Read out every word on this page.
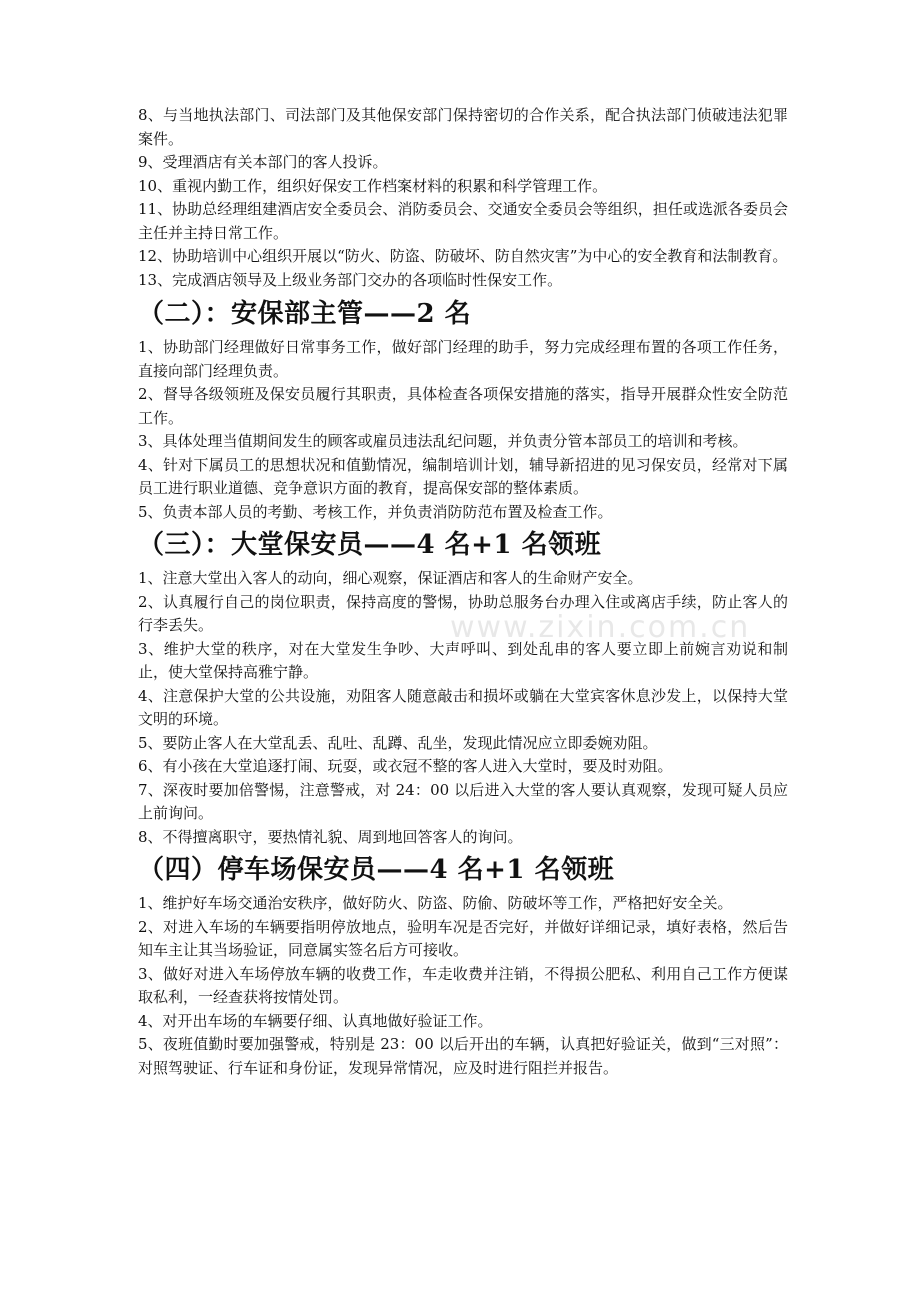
8、与当地执法部门、司法部门及其他保安部门保持密切的合作关系，配合执法部门侦破违法犯罪案件。

9、受理酒店有关本部门的客人投诉。

10、重视内勤工作，组织好保安工作档案材料的积累和科学管理工作。

11、协助总经理组建酒店安全委员会、消防委员会、交通安全委员会等组织，担任或选派各委员会主任并主持日常工作。

12、协助培训中心组织开展以“防火、防盗、防破坏、防自然灾害”为中心的安全教育和法制教育。

13、完成酒店领导及上级业务部门交办的各项临时性保安工作。

（二）：安保部主管——2 名

1、协助部门经理做好日常事务工作，做好部门经理的助手，努力完成经理布置的各项工作任务，直接向部门经理负责。

2、督导各级领班及保安员履行其职责，具体检查各项保安措施的落实，指导开展群众性安全防范工作。

3、具体处理当值期间发生的顾客或雇员违法乱纪问题，并负责分管本部员工的培训和考核。

4、针对下属员工的思想状况和值勤情况，编制培训计划，辅导新招进的见习保安员，经常对下属员工进行职业道德、竞争意识方面的教育，提高保安部的整体素质。

5、负责本部人员的考勤、考核工作，并负责消防防范布置及检查工作。

（三）：大堂保安员——4 名+1 名领班

1、注意大堂出入客人的动向，细心观察，保证酒店和客人的生命财产安全。

2、认真履行自己的岗位职责，保持高度的警惕，协助总服务台办理入住或离店手续，防止客人的行李丢失。

3、维护大堂的秩序，对在大堂发生争吵、大声呼叫、到处乱串的客人要立即上前婉言劝说和制止，使大堂保持高雅宁静。

4、注意保护大堂的公共设施，劝阻客人随意敲击和损坏或躺在大堂宾客休息沙发上，以保持大堂文明的环境。

5、要防止客人在大堂乱丢、乱吐、乱蹲、乱坐，发现此情况应立即委婉劝阻。

6、有小孩在大堂追逐打闹、玩耍，或衣冠不整的客人进入大堂时，要及时劝阻。

7、深夜时要加倍警惕，注意警戒，对 24：00 以后进入大堂的客人要认真观察，发现可疑人员应上前询问。

8、不得擅离职守，要热情礼貌、周到地回答客人的询问。

（四）停车场保安员——4 名+1 名领班

1、维护好车场交通治安秩序，做好防火、防盗、防偷、防破坏等工作，严格把好安全关。

2、对进入车场的车辆要指明停放地点，验明车况是否完好，并做好详细记录，填好表格，然后告知车主让其当场验证，同意属实签名后方可接收。

3、做好对进入车场停放车辆的收费工作，车走收费并注销，不得损公肥私、利用自己工作方便谋取私利，一经查获将按情处罚。

4、对开出车场的车辆要仔细、认真地做好验证工作。

5、夜班值勤时要加强警戒，特别是 23：00 以后开出的车辆，认真把好验证关，做到“三对照”：对照驾驶证、行车证和身份证，发现异常情况，应及时进行阻拦并报告。

www.zixin.com.cn
